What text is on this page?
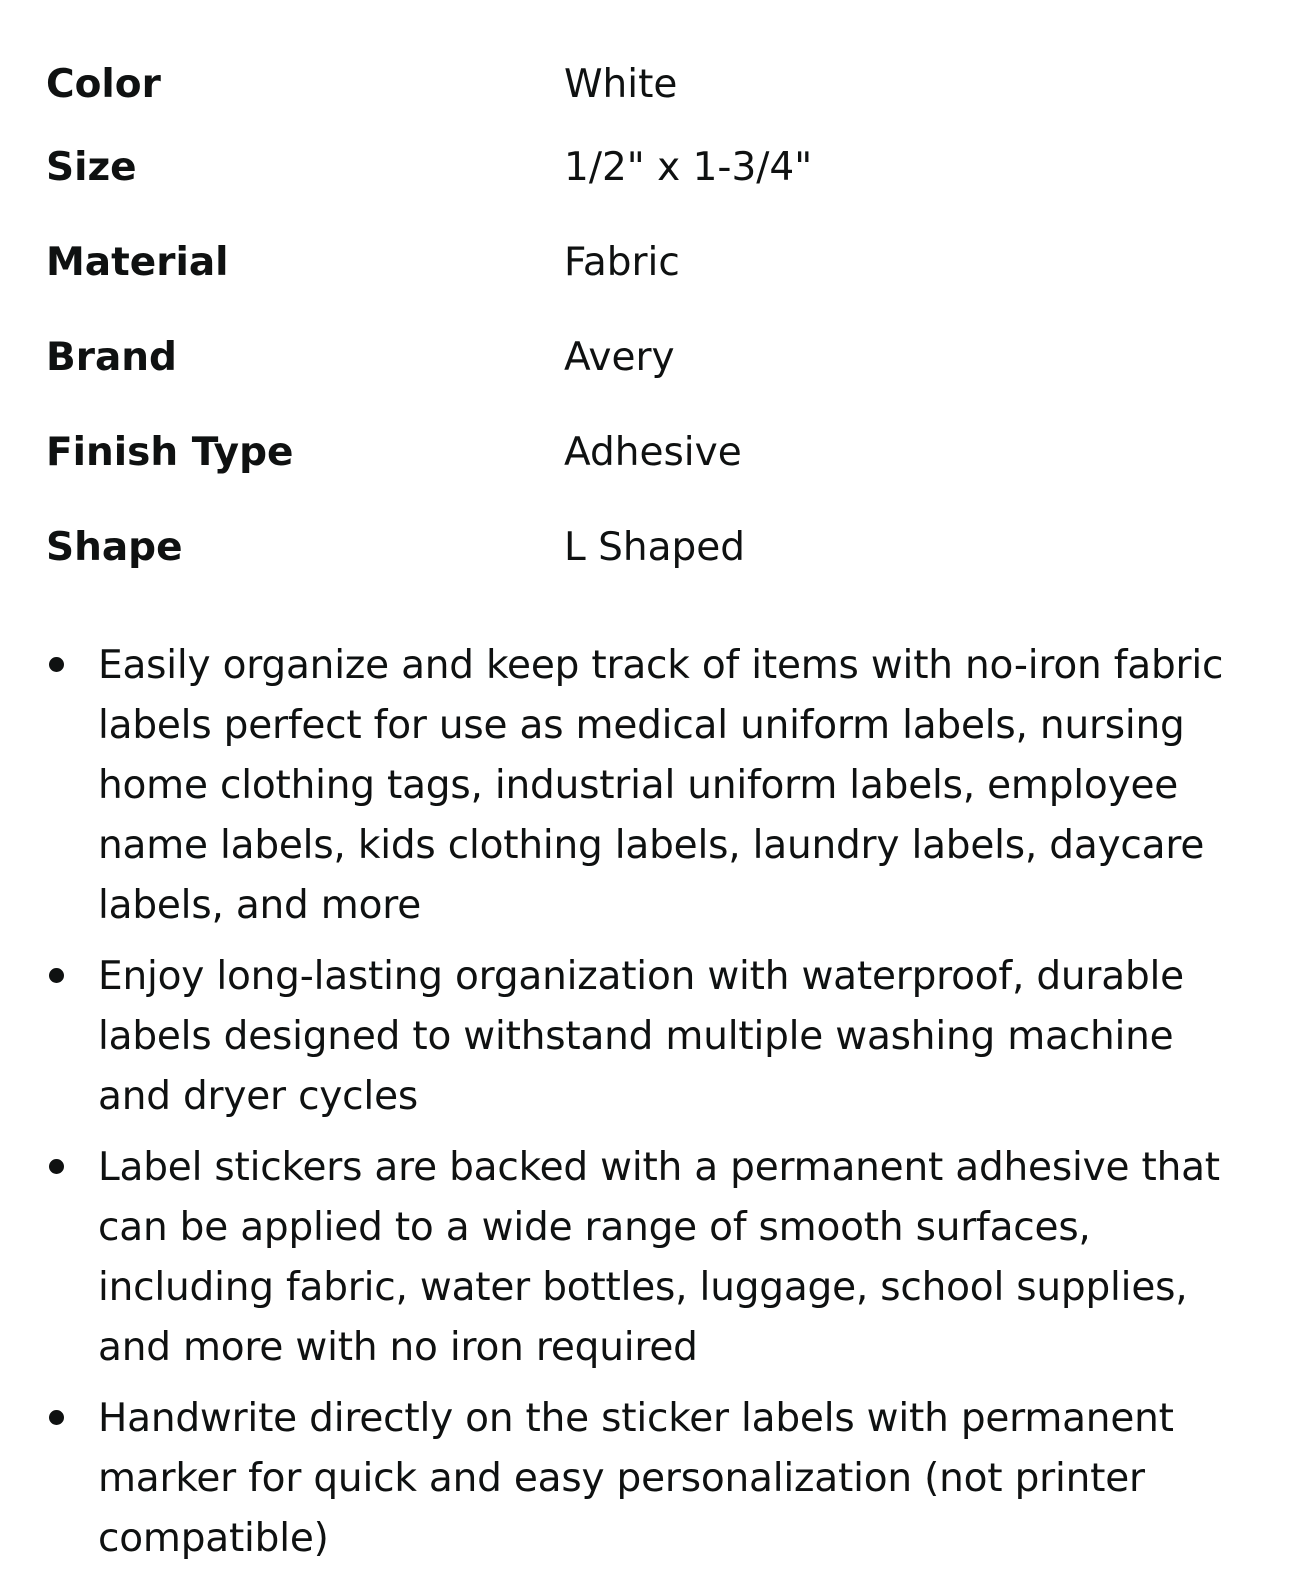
Color	White
Size	1/2" x 1-3/4"
Material	Fabric
Brand	Avery
Finish Type	Adhesive
Shape	L Shaped
Easily organize and keep track of items with no-iron fabric labels perfect for use as medical uniform labels, nursing home clothing tags, industrial uniform labels, employee name labels, kids clothing labels, laundry labels, daycare labels, and more
Enjoy long-lasting organization with waterproof, durable labels designed to withstand multiple washing machine and dryer cycles
Label stickers are backed with a permanent adhesive that can be applied to a wide range of smooth surfaces, including fabric, water bottles, luggage, school supplies, and more with no iron required
Handwrite directly on the sticker labels with permanent marker for quick and easy personalization (not printer compatible)
